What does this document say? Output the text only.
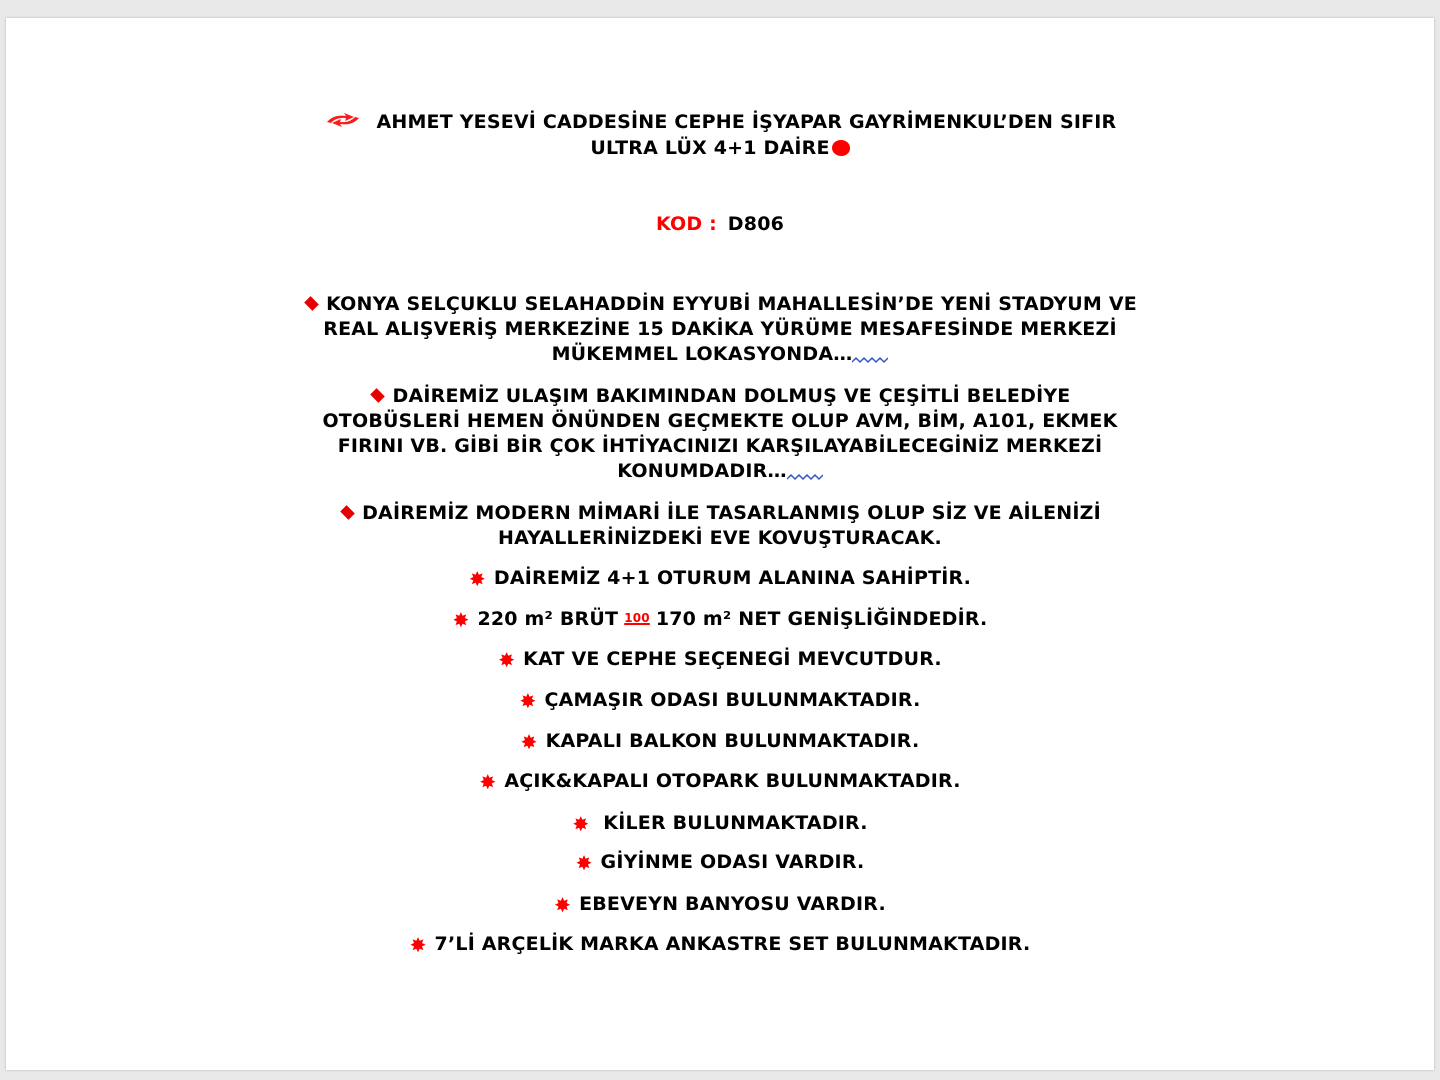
AHMET YESEVİ CADDESİNE CEPHE İŞYAPAR GAYRİMENKUL’DEN SIFIR
ULTRA LÜX 4+1 DAİRE
KOD : D806
KONYA SELÇUKLU SELAHADDİN EYYUBİ MAHALLESİN’DE YENİ STADYUM VE
REAL ALIŞVERİŞ MERKEZİNE 15 DAKİKA YÜRÜME MESAFESİNDE MERKEZİ
MÜKEMMEL LOKASYONDA…
DAİREMİZ ULAŞIM BAKIMINDAN DOLMUŞ VE ÇEŞİTLİ BELEDİYE
OTOBÜSLERİ HEMEN ÖNÜNDEN GEÇMEKTE OLUP AVM, BİM, A101, EKMEK
FIRINI VB. GİBİ BİR ÇOK İHTİYACINIZI KARŞILAYABİLECEGİNİZ MERKEZİ
KONUMDADIR…
DAİREMİZ MODERN MİMARİ İLE TASARLANMIŞ OLUP SİZ VE AİLENİZİ
HAYALLERİNİZDEKİ EVE KOVUŞTURACAK.
✸ DAİREMİZ 4+1 OTURUM ALANINA SAHİPTİR.
✸ 220 m² BRÜT 100 170 m² NET GENİŞLİĞİNDEDİR.
✸ KAT VE CEPHE SEÇENEGİ MEVCUTDUR.
✸ ÇAMAŞIR ODASI BULUNMAKTADIR.
✸ KAPALI BALKON BULUNMAKTADIR.
✸ AÇIK&KAPALI OTOPARK BULUNMAKTADIR.
✸ KİLER BULUNMAKTADIR.
✸ GİYİNME ODASI VARDIR.
✸ EBEVEYN BANYOSU VARDIR.
✸ 7’Lİ ARÇELİK MARKA ANKASTRE SET BULUNMAKTADIR.
